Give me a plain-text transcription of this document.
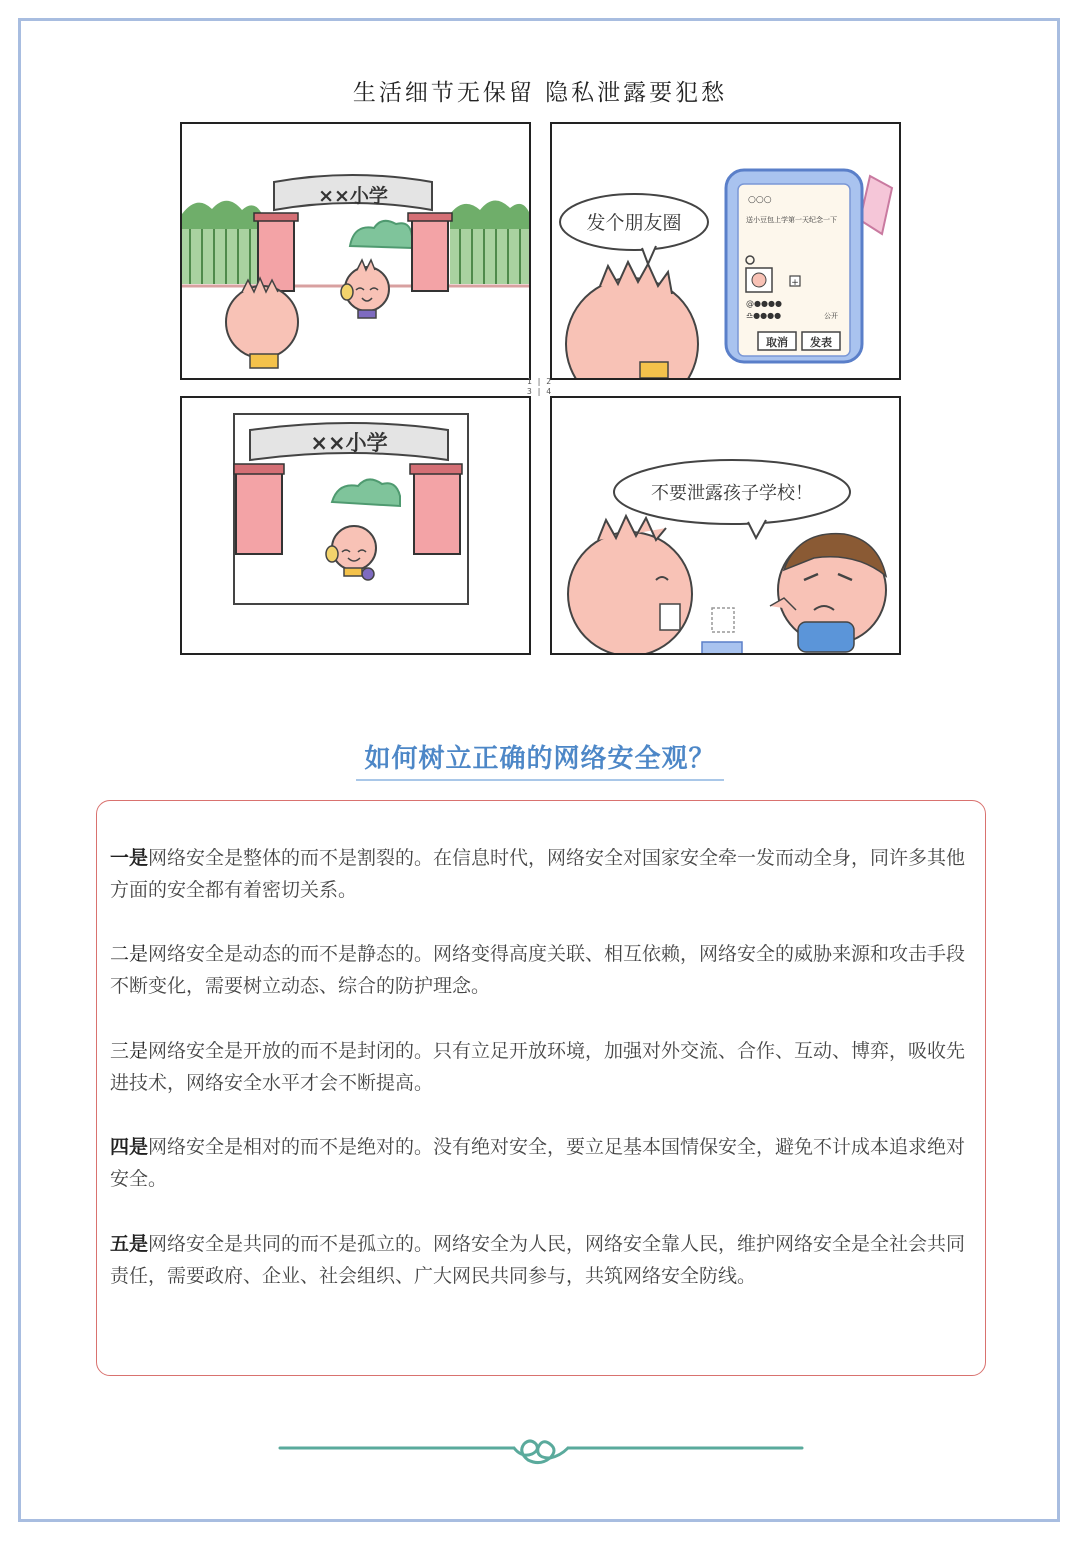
生活细节无保留 隐私泄露要犯愁
××小学
发个朋友圈
○○○
送小豆包上学第一天纪念一下
+
@●●●●
♎●●●●	公开
取消 发表
1 | 2
3 | 4
××小学
不要泄露孩子学校！
如何树立正确的网络安全观？
一是网络安全是整体的而不是割裂的。在信息时代，网络安全对国家安全牵一发而动全身，同许多其他方面的安全都有着密切关系。
二是网络安全是动态的而不是静态的。网络变得高度关联、相互依赖，网络安全的威胁来源和攻击手段不断变化，需要树立动态、综合的防护理念。
三是网络安全是开放的而不是封闭的。只有立足开放环境，加强对外交流、合作、互动、博弈，吸收先进技术，网络安全水平才会不断提高。
四是网络安全是相对的而不是绝对的。没有绝对安全，要立足基本国情保安全，避免不计成本追求绝对安全。
五是网络安全是共同的而不是孤立的。网络安全为人民，网络安全靠人民，维护网络安全是全社会共同责任，需要政府、企业、社会组织、广大网民共同参与，共筑网络安全防线。
